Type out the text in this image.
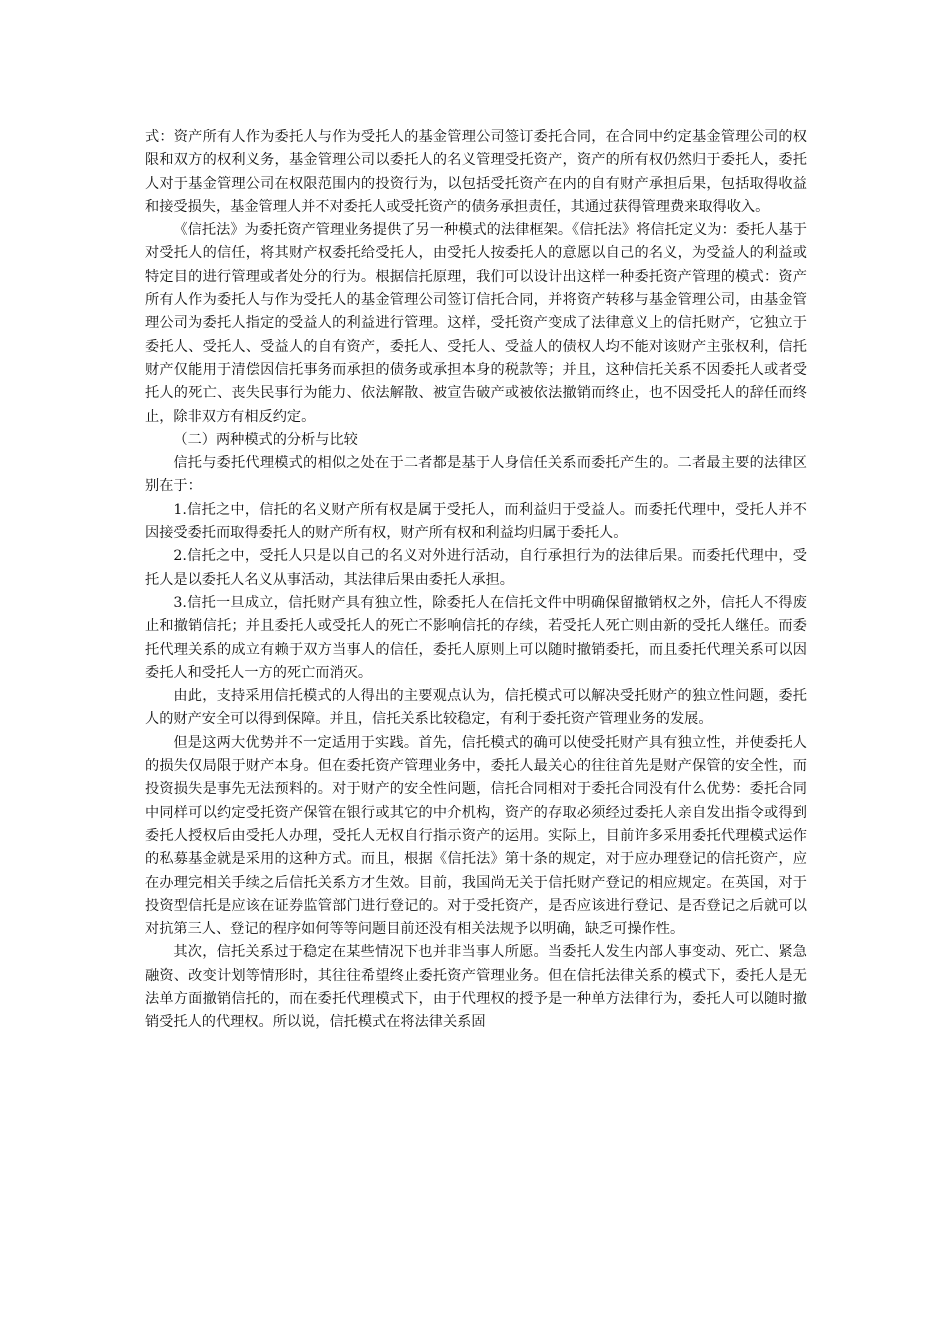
式：资产所有人作为委托人与作为受托人的基金管理公司签订委托合同，在合同中约定基金管理公司的权限和双方的权利义务，基金管理公司以委托人的名义管理受托资产，资产的所有权仍然归于委托人，委托人对于基金管理公司在权限范围内的投资行为，以包括受托资产在内的自有财产承担后果，包括取得收益和接受损失，基金管理人并不对委托人或受托资产的债务承担责任，其通过获得管理费来取得收入。

《信托法》为委托资产管理业务提供了另一种模式的法律框架。《信托法》将信托定义为：委托人基于对受托人的信任，将其财产权委托给受托人，由受托人按委托人的意愿以自己的名义，为受益人的利益或特定目的进行管理或者处分的行为。根据信托原理，我们可以设计出这样一种委托资产管理的模式：资产所有人作为委托人与作为受托人的基金管理公司签订信托合同，并将资产转移与基金管理公司，由基金管理公司为委托人指定的受益人的利益进行管理。这样，受托资产变成了法律意义上的信托财产，它独立于委托人、受托人、受益人的自有资产，委托人、受托人、受益人的债权人均不能对该财产主张权利，信托财产仅能用于清偿因信托事务而承担的债务或承担本身的税款等；并且，这种信托关系不因委托人或者受托人的死亡、丧失民事行为能力、依法解散、被宣告破产或被依法撤销而终止，也不因受托人的辞任而终止，除非双方有相反约定。

（二）两种模式的分析与比较

信托与委托代理模式的相似之处在于二者都是基于人身信任关系而委托产生的。二者最主要的法律区别在于：

1.信托之中，信托的名义财产所有权是属于受托人，而利益归于受益人。而委托代理中，受托人并不因接受委托而取得委托人的财产所有权，财产所有权和利益均归属于委托人。

2.信托之中，受托人只是以自己的名义对外进行活动，自行承担行为的法律后果。而委托代理中，受托人是以委托人名义从事活动，其法律后果由委托人承担。

3.信托一旦成立，信托财产具有独立性，除委托人在信托文件中明确保留撤销权之外，信托人不得废止和撤销信托；并且委托人或受托人的死亡不影响信托的存续，若受托人死亡则由新的受托人继任。而委托代理关系的成立有赖于双方当事人的信任，委托人原则上可以随时撤销委托，而且委托代理关系可以因委托人和受托人一方的死亡而消灭。

由此，支持采用信托模式的人得出的主要观点认为，信托模式可以解决受托财产的独立性问题，委托人的财产安全可以得到保障。并且，信托关系比较稳定，有利于委托资产管理业务的发展。

但是这两大优势并不一定适用于实践。首先，信托模式的确可以使受托财产具有独立性，并使委托人的损失仅局限于财产本身。但在委托资产管理业务中，委托人最关心的往往首先是财产保管的安全性，而投资损失是事先无法预料的。对于财产的安全性问题，信托合同相对于委托合同没有什么优势：委托合同中同样可以约定受托资产保管在银行或其它的中介机构，资产的存取必须经过委托人亲自发出指令或得到委托人授权后由受托人办理，受托人无权自行指示资产的运用。实际上，目前许多采用委托代理模式运作的私募基金就是采用的这种方式。而且，根据《信托法》第十条的规定，对于应办理登记的信托资产，应在办理完相关手续之后信托关系方才生效。目前，我国尚无关于信托财产登记的相应规定。在英国，对于投资型信托是应该在证券监管部门进行登记的。对于受托资产，是否应该进行登记、是否登记之后就可以对抗第三人、登记的程序如何等等问题目前还没有相关法规予以明确，缺乏可操作性。

其次，信托关系过于稳定在某些情况下也并非当事人所愿。当委托人发生内部人事变动、死亡、紧急融资、改变计划等情形时，其往往希望终止委托资产管理业务。但在信托法律关系的模式下，委托人是无法单方面撤销信托的，而在委托代理模式下，由于代理权的授予是一种单方法律行为，委托人可以随时撤销受托人的代理权。所以说，信托模式在将法律关系固
